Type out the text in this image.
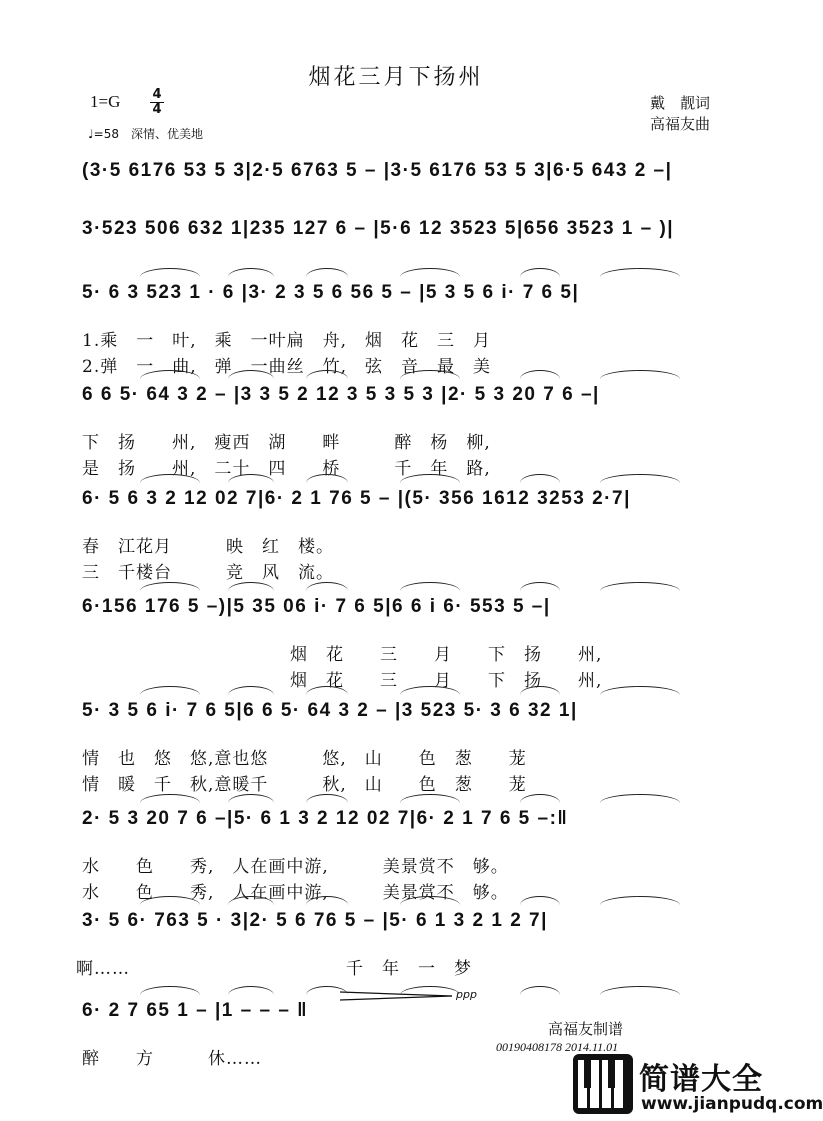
烟花三月下扬州
1=G 4
4
♩=58　深情、优美地
戴　靓词
高福友曲
(3·5 6176 53 5 3|2·5 6763 5 – |3·5 6176 53 5 3|6·5 643 2 –|
3·523 506 632 1|235 127 6 – |5·6 12 3523 5|656 3523 1 – )|
5· 6 3 523 1 · 6 |3· 2 3 5 6 56 5 – |5 3 5 6 i· 7 6 5|
1.乘　一　叶,　乘　一叶扁　舟,　烟　花　三　月
2.弹　一　曲,　弹　一曲丝　竹,　弦　音　最　美
6 6 5· 64 3 2 – |3 3 5 2 12 3 5 3 5 3 |2· 5 3 20 7 6 –|
下　扬　　州,　瘦西　湖　　畔　　　醉　杨　柳,
是　扬　　州,　二十　四　　桥　　　千　年　路,
6· 5 6 3 2 12 02 7|6· 2 1 76 5 – |(5· 356 1612 3253 2·7|
春　江花月　　　映　红　楼。
三　千楼台　　　竞　风　流。
6·156 176 5 –)|5 35 06 i· 7 6 5|6 6 i 6· 553 5 –|
烟　花　　三　　月　　下　扬　　州,
烟　花　　三　　月　　下　扬　　州,
5· 3 5 6 i· 7 6 5|6 6 5· 64 3 2 – |3 523 5· 3 6 32 1|
情　也　悠　悠,意也悠　　　悠,　山　　色　葱　　茏
情　暖　千　秋,意暖千　　　秋,　山　　色　葱　　茏
2· 5 3 20 7 6 –|5· 6 1 3 2 12 02 7|6· 2 1 7 6 5 –:‖
水　　色　　秀,　人在画中游,　　　美景赏不　够。
水　　色　　秀,　人在画中游,　　　美景赏不　够。
3· 5 6· 763 5 · 3|2· 5 6 76 5 – |5· 6 1 3 2 1 2 7|
啊……　　　　　　　　　　　　千　年　一　梦
6· 2 7 65 1 – |1 – – – ‖
醉　　方　　　休……
ppp
高福友制谱
00190408178 2014.11.01
简谱大全
www.jianpudq.com
